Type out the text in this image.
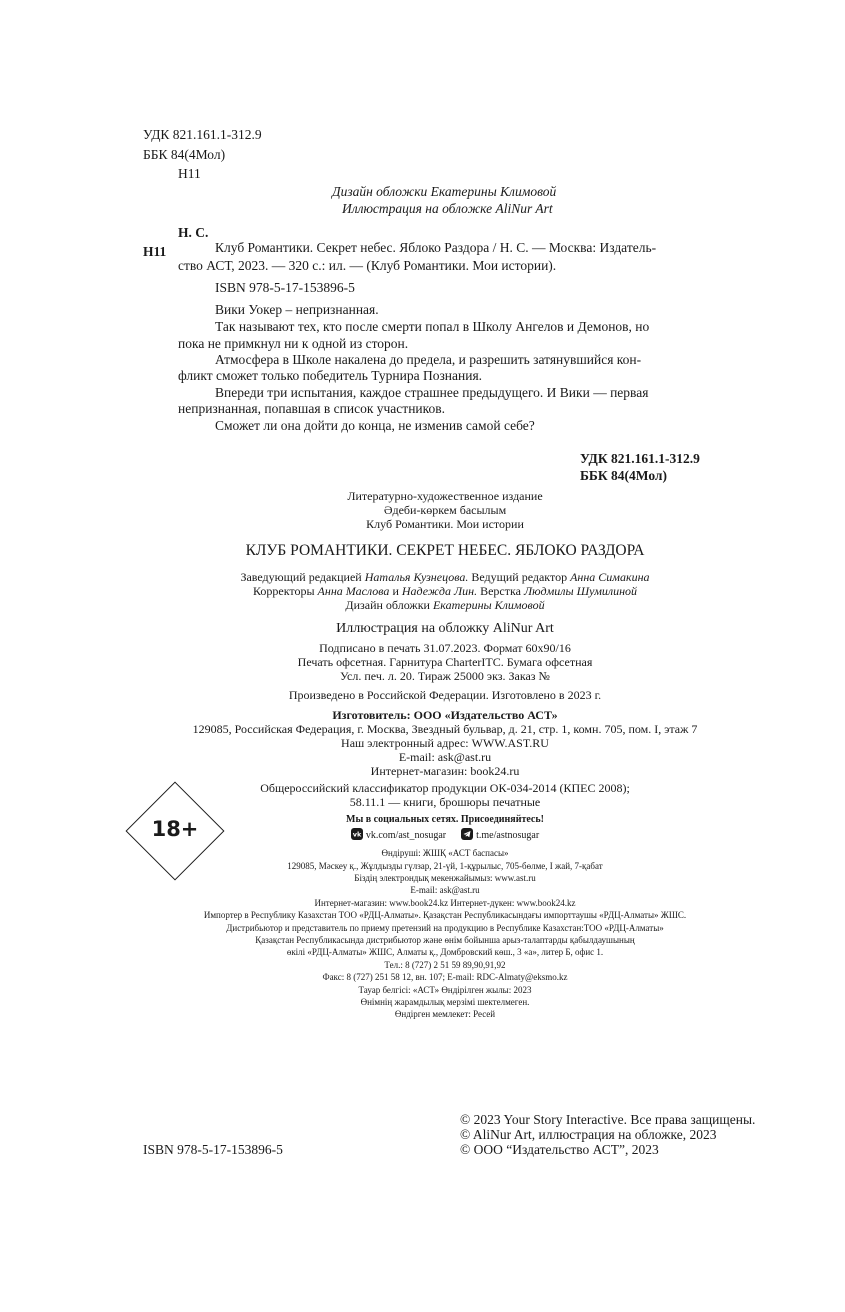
УДК 821.161.1-312.9
ББК 84(4Мол)
Н11
Дизайн обложки Екатерины Климовой
Иллюстрация на обложке AliNur Art
Н. С.
Н11	Клуб Романтики. Секрет небес. Яблоко Раздора / Н. С. — Москва: Издатель-
ство АСТ, 2023. — 320 с.: ил. — (Клуб Романтики. Мои истории).
ISBN 978-5-17-153896-5
Вики Уокер – непризнанная.
Так называют тех, кто после смерти попал в Школу Ангелов и Демонов, но
пока не примкнул ни к одной из сторон.
Атмосфера в Школе накалена до предела, и разрешить затянувшийся кон-
фликт сможет только победитель Турнира Познания.
Впереди три испытания, каждое страшнее предыдущего. И Вики — первая
непризнанная, попавшая в список участников.
Сможет ли она дойти до конца, не изменив самой себе?
УДК 821.161.1-312.9
ББК 84(4Мол)
Литературно-художественное издание
Әдеби-көркем басылым
Клуб Романтики. Мои истории
КЛУБ РОМАНТИКИ. СЕКРЕТ НЕБЕС. ЯБЛОКО РАЗДОРА
Заведующий редакцией Наталья Кузнецова. Ведущий редактор Анна Симакина
Корректоры Анна Маслова и Надежда Лин. Верстка Людмилы Шумилиной
Дизайн обложки Екатерины Климовой
Иллюстрация на обложку AliNur Art
Подписано в печать 31.07.2023. Формат 60x90/16
Печать офсетная. Гарнитура CharterITC. Бумага офсетная
Усл. печ. л. 20. Тираж 25000 экз. Заказ №
Произведено в Российской Федерации. Изготовлено в 2023 г.
Изготовитель: ООО «Издательство АСТ»
129085, Российская Федерация, г. Москва, Звездный бульвар, д. 21, стр. 1, комн. 705, пом. I, этаж 7
Наш электронный адрес: WWW.AST.RU
E-mail: ask@ast.ru
Интернет-магазин: book24.ru
Общероссийский классификатор продукции ОК-034-2014 (КПЕС 2008);
58.11.1 — книги, брошюры печатные
18+	Мы в социальных сетях. Присоединяйтесь!
vk vk.com/ast_nosugar	t.me/astnosugar
Өндіруші: ЖШҚ «АСТ баспасы»
129085, Мәскеу қ., Жұлдызды гүлзар, 21-үй, 1-құрылыс, 705-бөлме, I жай, 7-қабат
Біздің электрондық мекенжайымыз: www.ast.ru
E-mail: ask@ast.ru
Интернет-магазин: www.book24.kz Интернет-дүкен: www.book24.kz
Импортер в Республику Казахстан ТОО «РДЦ-Алматы». Қазақстан Республикасындағы импорттаушы «РДЦ-Алматы» ЖШС.
Дистрибьютор и представитель по приему претензий на продукцию в Республике Казахстан:ТОО «РДЦ-Алматы»
Қазақстан Республикасында дистрибьютор және өнім бойынша арыз-талаптарды қабылдаушының
өкілі «РДЦ-Алматы» ЖШС, Алматы қ., Домбровский көш., 3 «а», литер Б, офис 1.
Тел.: 8 (727) 2 51 59 89,90,91,92
Факс: 8 (727) 251 58 12, вн. 107; E-mail: RDC-Almaty@eksmo.kz
Тауар белгісі: «АСТ» Өндірілген жылы: 2023
Өнімнің жарамдылық мерзімі шектелмеген.
Өндірген мемлекет: Ресей
© 2023 Your Story Interactive. Все права защищены.
© AliNur Art, иллюстрация на обложке, 2023
ISBN 978-5-17-153896-5	© ООО “Издательство АСТ”, 2023
